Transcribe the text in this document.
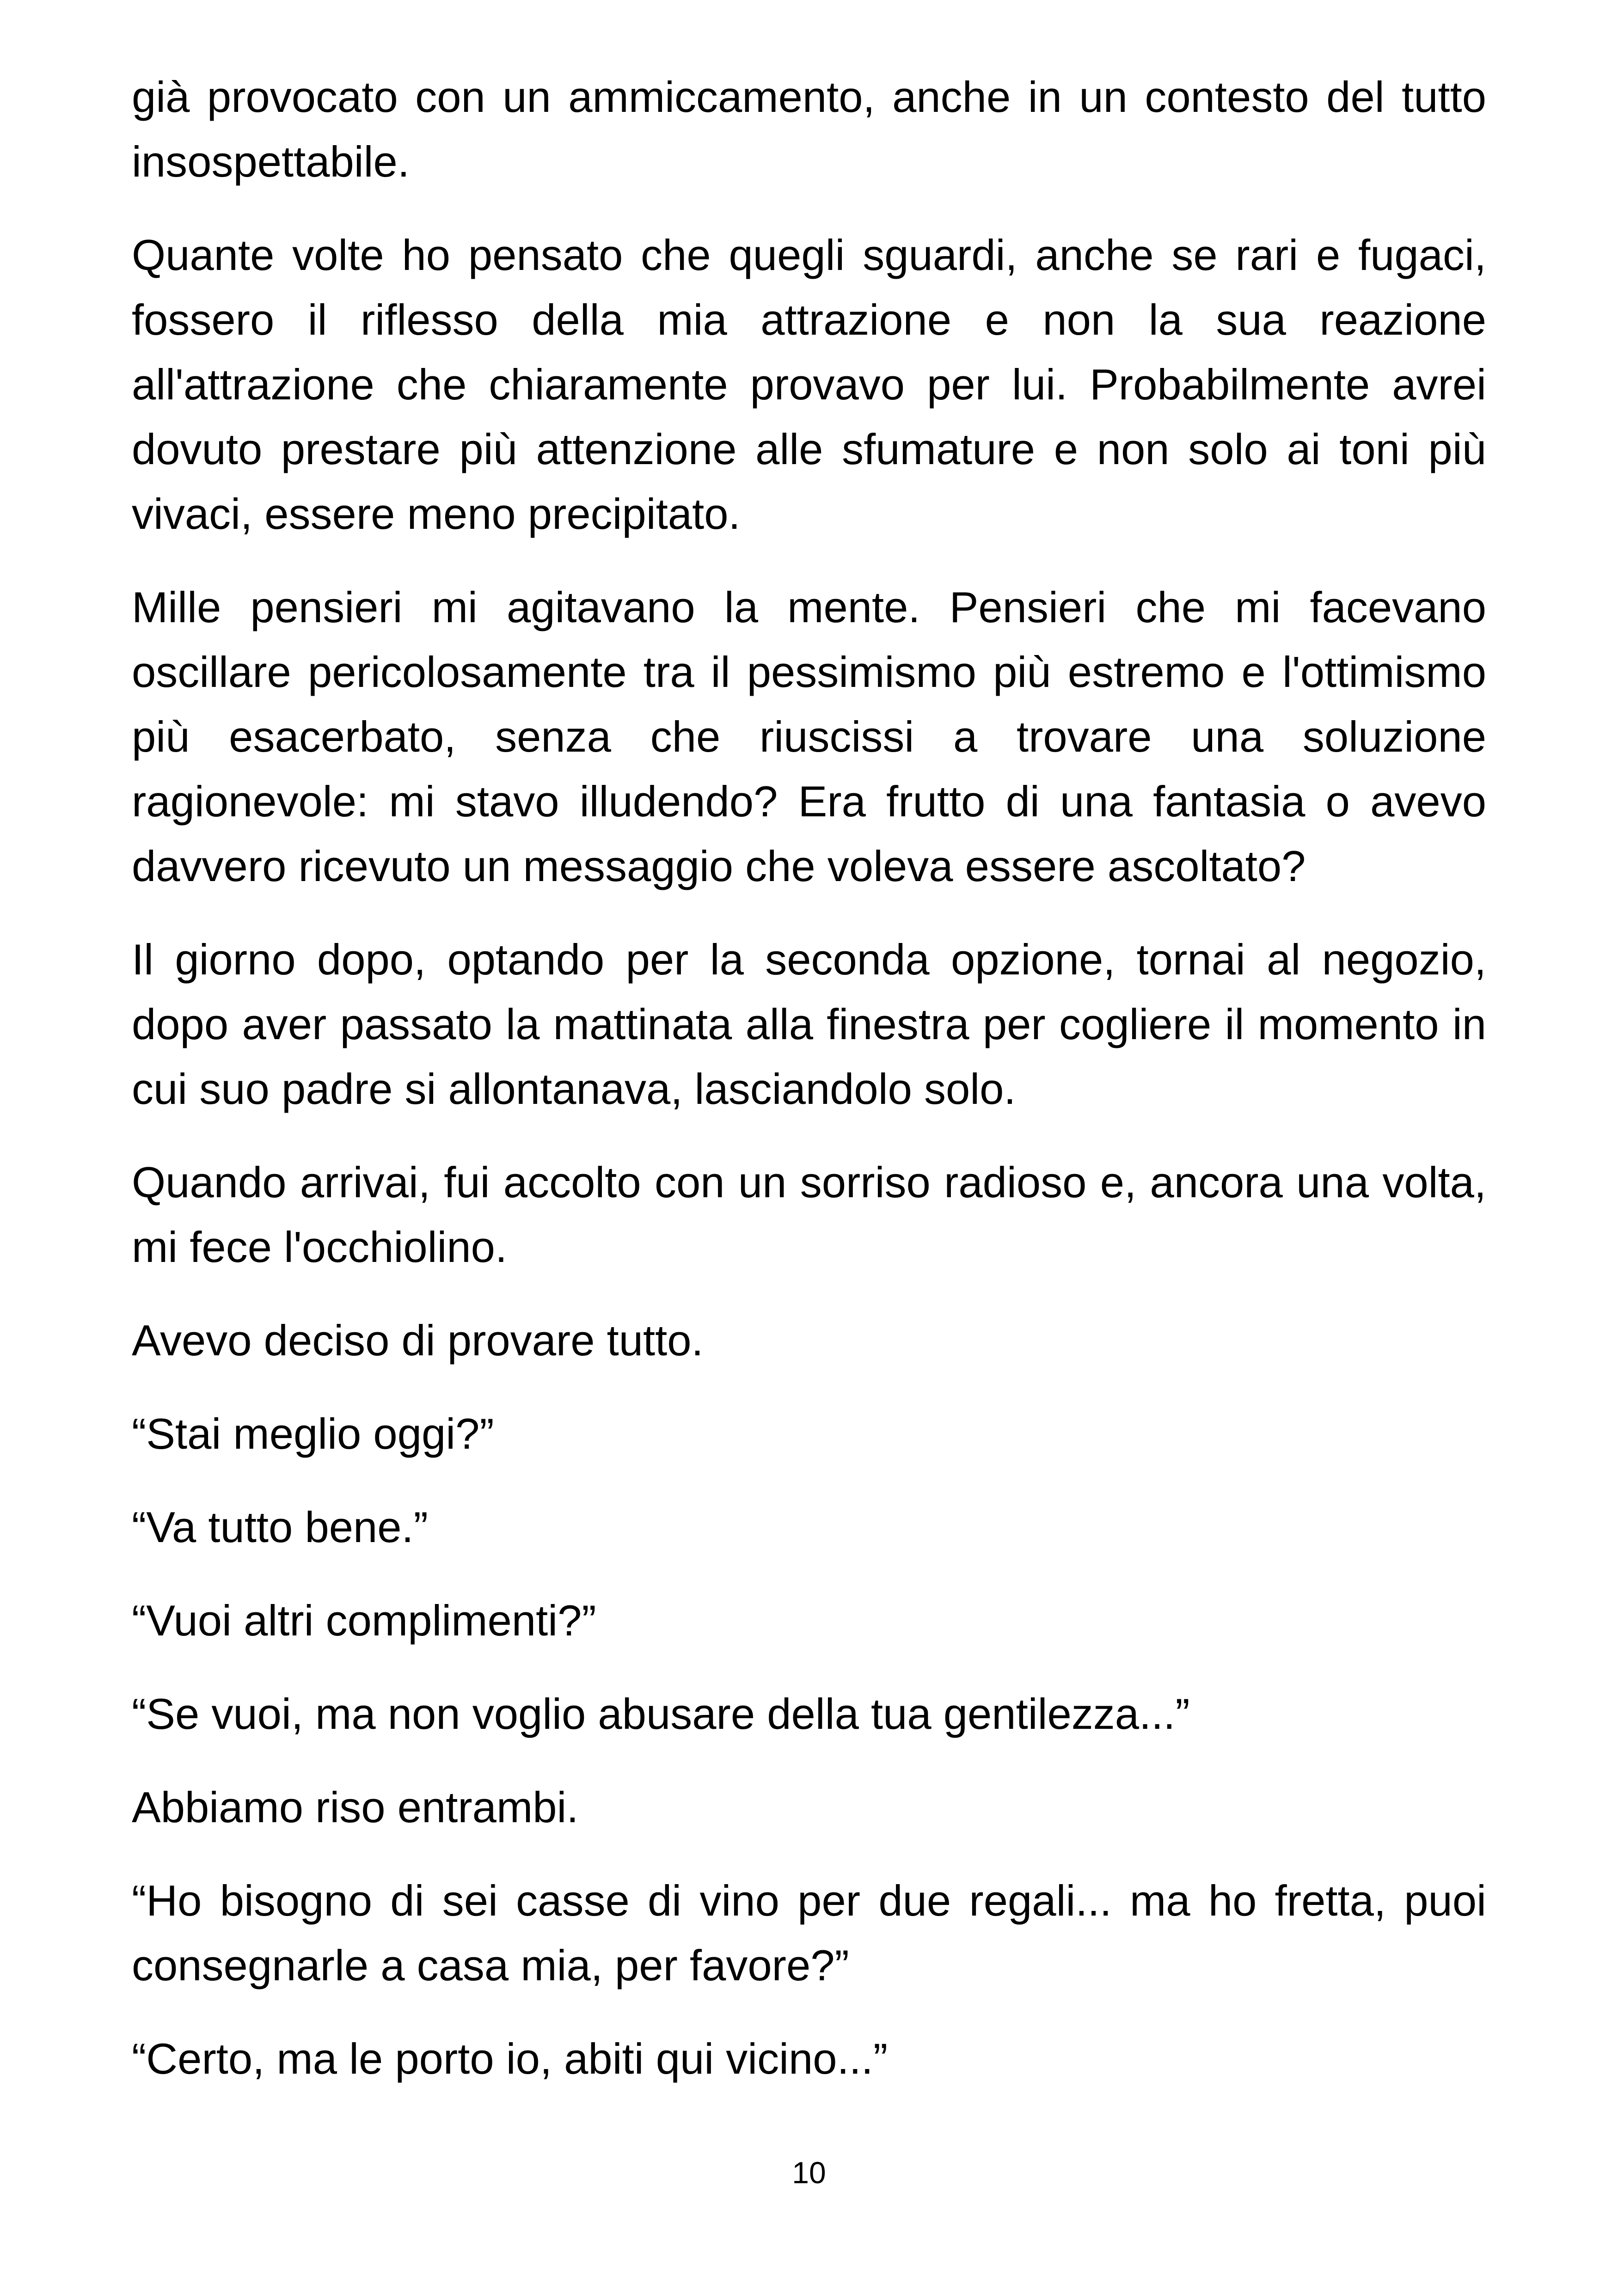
già provocato con un ammiccamento, anche in un contesto del tutto insospettabile.

Quante volte ho pensato che quegli sguardi, anche se rari e fugaci, fossero il riflesso della mia attrazione e non la sua reazione all'attrazione che chiaramente provavo per lui. Probabilmente avrei dovuto prestare più attenzione alle sfumature e non solo ai toni più vivaci, essere meno precipitato.

Mille pensieri mi agitavano la mente. Pensieri che mi facevano oscillare pericolosamente tra il pessimismo più estremo e l'ottimismo più esacerbato, senza che riuscissi a trovare una soluzione ragionevole: mi stavo illudendo? Era frutto di una fantasia o avevo davvero ricevuto un messaggio che voleva essere ascoltato?

Il giorno dopo, optando per la seconda opzione, tornai al negozio, dopo aver passato la mattinata alla finestra per cogliere il momento in cui suo padre si allontanava, lasciandolo solo.

Quando arrivai, fui accolto con un sorriso radioso e, ancora una volta, mi fece l'occhiolino.

Avevo deciso di provare tutto.

“Stai meglio oggi?”

“Va tutto bene.”

“Vuoi altri complimenti?”

“Se vuoi, ma non voglio abusare della tua gentilezza...”

Abbiamo riso entrambi.

“Ho bisogno di sei casse di vino per due regali... ma ho fretta, puoi consegnarle a casa mia, per favore?”

“Certo, ma le porto io, abiti qui vicino...”

10
